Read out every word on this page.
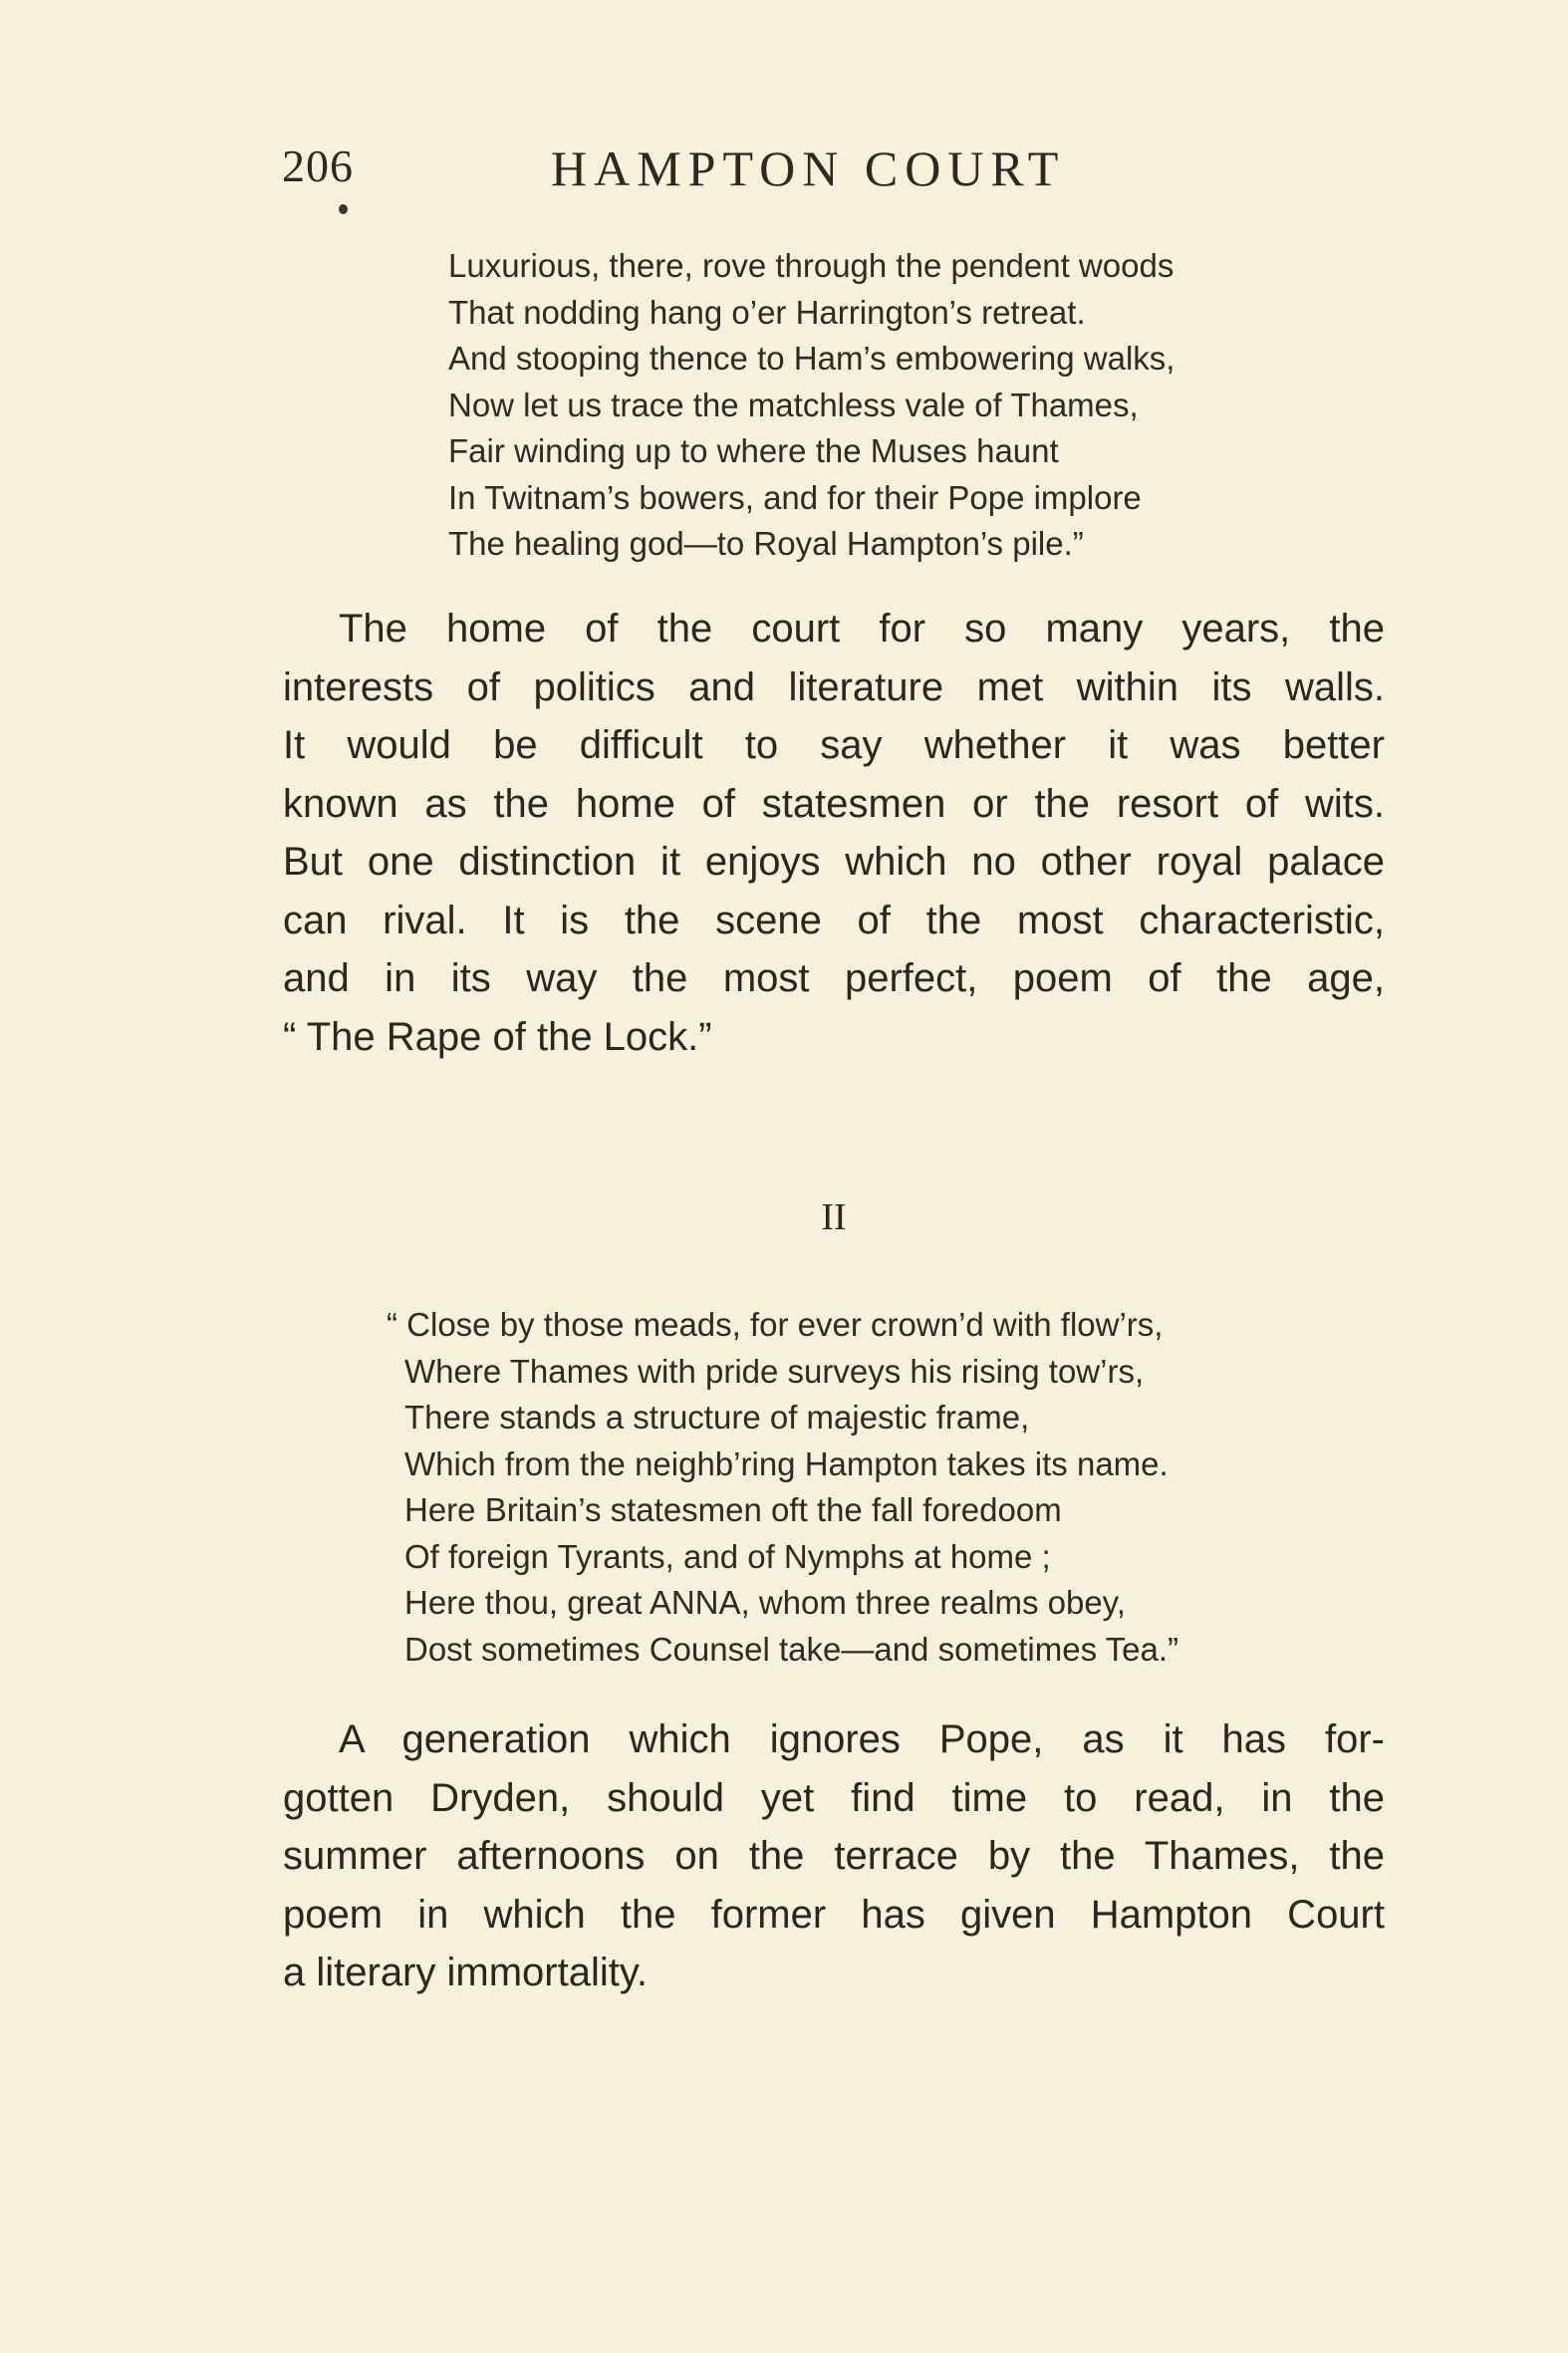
206	HAMPTON COURT
Luxurious, there, rove through the pendent woods
That nodding hang o’er Harrington’s retreat.
And stooping thence to Ham’s embowering walks,
Now let us trace the matchless vale of Thames,
Fair winding up to where the Muses haunt
In Twitnam’s bowers, and for their Pope implore
The healing god—to Royal Hampton’s pile.”
The home of the court for so many years, the
interests of politics and literature met within its walls.
It would be difficult to say whether it was better
known as the home of statesmen or the resort of wits.
But one distinction it enjoys which no other royal palace
can rival. It is the scene of the most characteristic,
and in its way the most perfect, poem of the age,
“ The Rape of the Lock.”
II
“ Close by those meads, for ever crown’d with flow’rs,
Where Thames with pride surveys his rising tow’rs,
There stands a structure of majestic frame,
Which from the neighb’ring Hampton takes its name.
Here Britain’s statesmen oft the fall foredoom
Of foreign Tyrants, and of Nymphs at home ;
Here thou, great ANNA, whom three realms obey,
Dost sometimes Counsel take—and sometimes Tea.”
A generation which ignores Pope, as it has for-
gotten Dryden, should yet find time to read, in the
summer afternoons on the terrace by the Thames, the
poem in which the former has given Hampton Court
a literary immortality.
